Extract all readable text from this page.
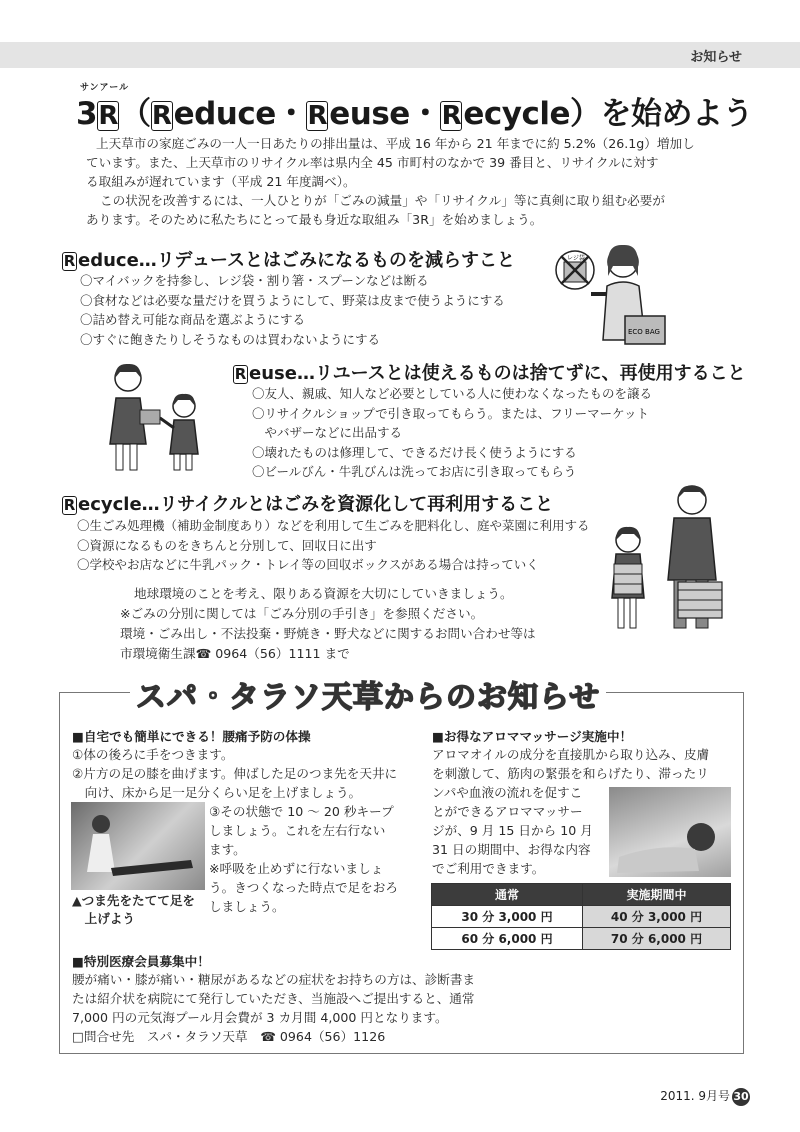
お知らせ
サンアール
3R（Reduce・Reuse・Recycle）を始めよう
上天草市の家庭ごみの一人一日あたりの排出量は、平成 16 年から 21 年までに約 5.2%（26.1g）増加し
ています。また、上天草市のリサイクル率は県内全 45 市町村のなかで 39 番目と、リサイクルに対す
る取組みが遅れています（平成 21 年度調べ）。
この状況を改善するには、一人ひとりが「ごみの減量」や「リサイクル」等に真剣に取り組む必要が
あります。そのために私たちにとって最も身近な取組み「3R」を始めましょう。
R educe…リデュースとはごみになるものを減らすこと
〇マイバックを持参し、レジ袋・割り箸・スプーンなどは断る
〇食材などは必要な量だけを買うようにして、野菜は皮まで使うようにする
〇詰め替え可能な商品を選ぶようにする
〇すぐに飽きたりしそうなものは買わないようにする
レジ袋
ECO BAG
R euse…リユースとは使えるものは捨てずに、再使用すること
〇友人、親戚、知人など必要としている人に使わなくなったものを譲る
〇リサイクルショップで引き取ってもらう。または、フリーマーケット
　やバザーなどに出品する
〇壊れたものは修理して、できるだけ長く使うようにする
〇ビールびん・牛乳びんは洗ってお店に引き取ってもらう
R ecycle…リサイクルとはごみを資源化して再利用すること
〇生ごみ処理機（補助金制度あり）などを利用して生ごみを肥料化し、庭や菜園に利用する
〇資源になるものをきちんと分別して、回収日に出す
〇学校やお店などに牛乳パック・トレイ等の回収ボックスがある場合は持っていく
地球環境のことを考え、限りある資源を大切にしていきましょう。
※ごみの分別に関しては「ごみ分別の手引き」を参照ください。
環境・ごみ出し・不法投棄・野焼き・野犬などに関するお問い合わせ等は
市環境衛生課☎ 0964（56）1111 まで
スパ・タラソ天草からのお知らせ
■自宅でも簡単にできる！腰痛予防の体操
①体の後ろに手をつきます。
②片方の足の膝を曲げます。伸ばした足のつま先を天井に
　向け、床から足一足分くらい足を上げましょう。
▲つま先をたてて足を
　上げよう
③その状態で 10 ～ 20 秒キープ
しましょう。これを左右行ない
ます。
※呼吸を止めずに行ないましょ
う。きつくなった時点で足をおろ
しましょう。
■お得なアロママッサージ実施中！
アロマオイルの成分を直接肌から取り込み、皮膚
を刺激して、筋肉の緊張を和らげたり、滞ったリ
ンパや血液の流れを促すこ
とができるアロママッサー
ジが、9 月 15 日から 10 月
31 日の期間中、お得な内容
でご利用できます。
通常	実施期間中
30 分 3,000 円	40 分 3,000 円
60 分 6,000 円	70 分 6,000 円
■特別医療会員募集中！
腰が痛い・膝が痛い・糖尿があるなどの症状をお持ちの方は、診断書ま
たは紹介状を病院にて発行していただき、当施設へご提出すると、通常
7,000 円の元気海プール月会費が 3 カ月間 4,000 円となります。
□問合せ先　スパ・タラソ天草　☎ 0964（56）1126
2011. 9月号 30
